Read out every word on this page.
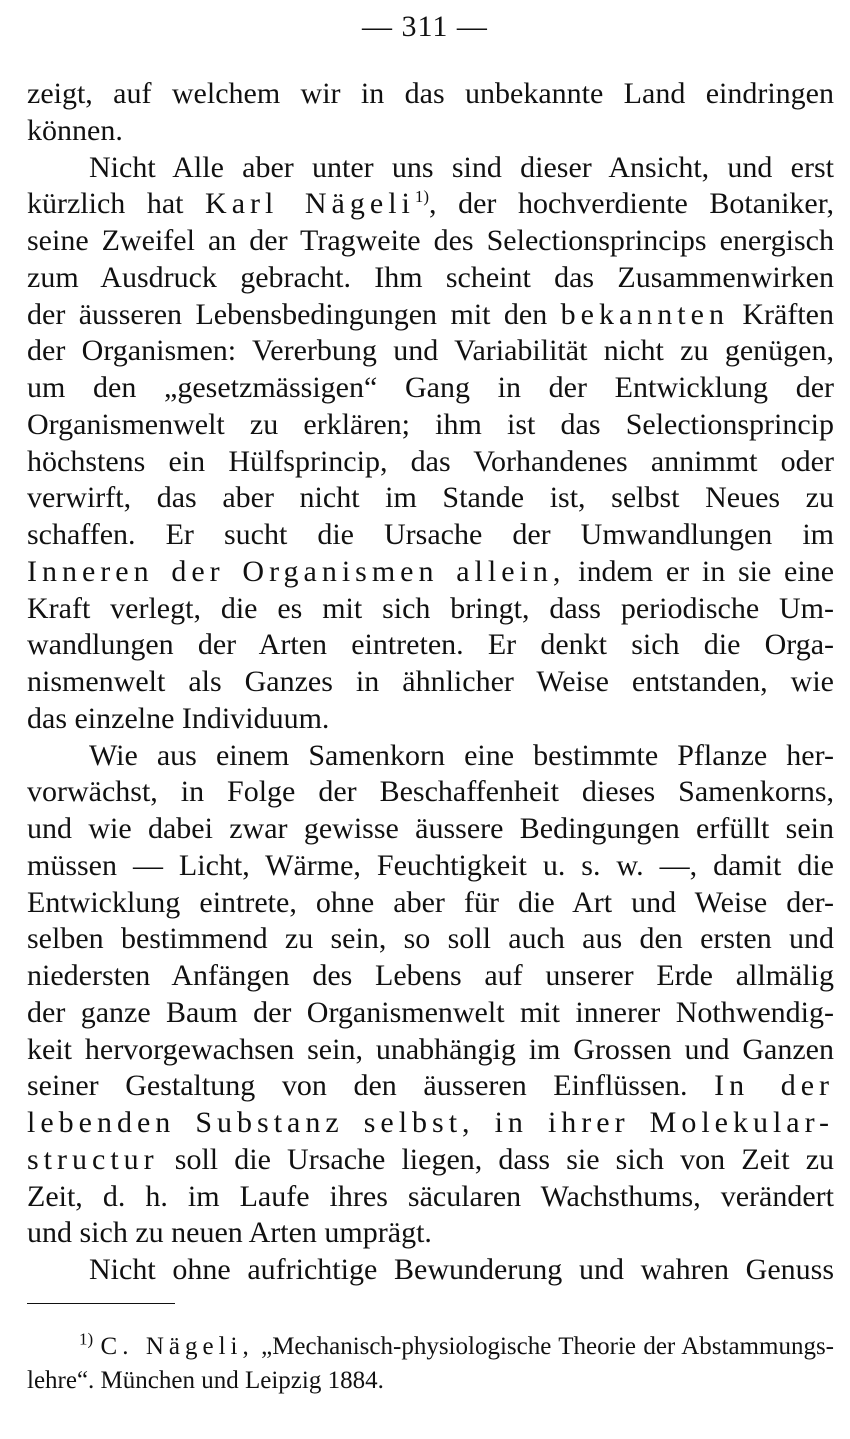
— 311 —
zeigt, auf welchem wir in das unbekannte Land eindringen
können.
Nicht Alle aber unter uns sind dieser Ansicht, und erst
kürzlich hat Karl Nägeli$^{1)}$, der hochverdiente Botaniker,
seine Zweifel an der Tragweite des Selectionsprincips energisch
zum Ausdruck gebracht. Ihm scheint das Zusammenwirken
der äusseren Lebensbedingungen mit den bekannten Kräften
der Organismen: Vererbung und Variabilität nicht zu genügen,
um den „gesetzmässigen“ Gang in der Entwicklung der
Organismenwelt zu erklären; ihm ist das Selectionsprincip
höchstens ein Hülfsprincip, das Vorhandenes annimmt oder
verwirft, das aber nicht im Stande ist, selbst Neues zu
schaffen. Er sucht die Ursache der Umwandlungen im
Inneren der Organismen allein, indem er in sie eine
Kraft verlegt, die es mit sich bringt, dass periodische Um-
wandlungen der Arten eintreten. Er denkt sich die Orga-
nismenwelt als Ganzes in ähnlicher Weise entstanden, wie
das einzelne Individuum.
Wie aus einem Samenkorn eine bestimmte Pflanze her-
vorwächst, in Folge der Beschaffenheit dieses Samenkorns,
und wie dabei zwar gewisse äussere Bedingungen erfüllt sein
müssen — Licht, Wärme, Feuchtigkeit u. s. w. —, damit die
Entwicklung eintrete, ohne aber für die Art und Weise der-
selben bestimmend zu sein, so soll auch aus den ersten und
niedersten Anfängen des Lebens auf unserer Erde allmälig
der ganze Baum der Organismenwelt mit innerer Nothwendig-
keit hervorgewachsen sein, unabhängig im Grossen und Ganzen
seiner Gestaltung von den äusseren Einflüssen. In der
lebenden Substanz selbst, in ihrer Molekular-
structur soll die Ursache liegen, dass sie sich von Zeit zu
Zeit, d. h. im Laufe ihres säcularen Wachsthums, verändert
und sich zu neuen Arten umprägt.
Nicht ohne aufrichtige Bewunderung und wahren Genuss
$^{1)}$ C. Nägeli, „Mechanisch-physiologische Theorie der Abstammungs-
lehre“. München und Leipzig 1884.
